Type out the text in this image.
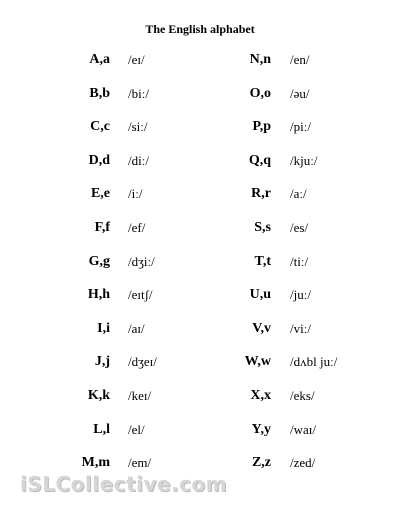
The English alphabet
A,a /eɪ/
B,b /biː/
C,c /siː/
D,d /diː/
E,e /iː/
F,f /ef/
G,g /dʒiː/
H,h /eɪtʃ/
I,i /aɪ/
J,j /dʒeɪ/
K,k /keɪ/
L,l /el/
M,m /em/
N,n /en/
O,o /əu/
P,p /piː/
Q,q /kjuː/
R,r /aː/
S,s /es/
T,t /tiː/
U,u /juː/
V,v /viː/
W,w /dʌbl juː/
X,x /eks/
Y,y /waɪ/
Z,z /zed/
iSLCollective.com
